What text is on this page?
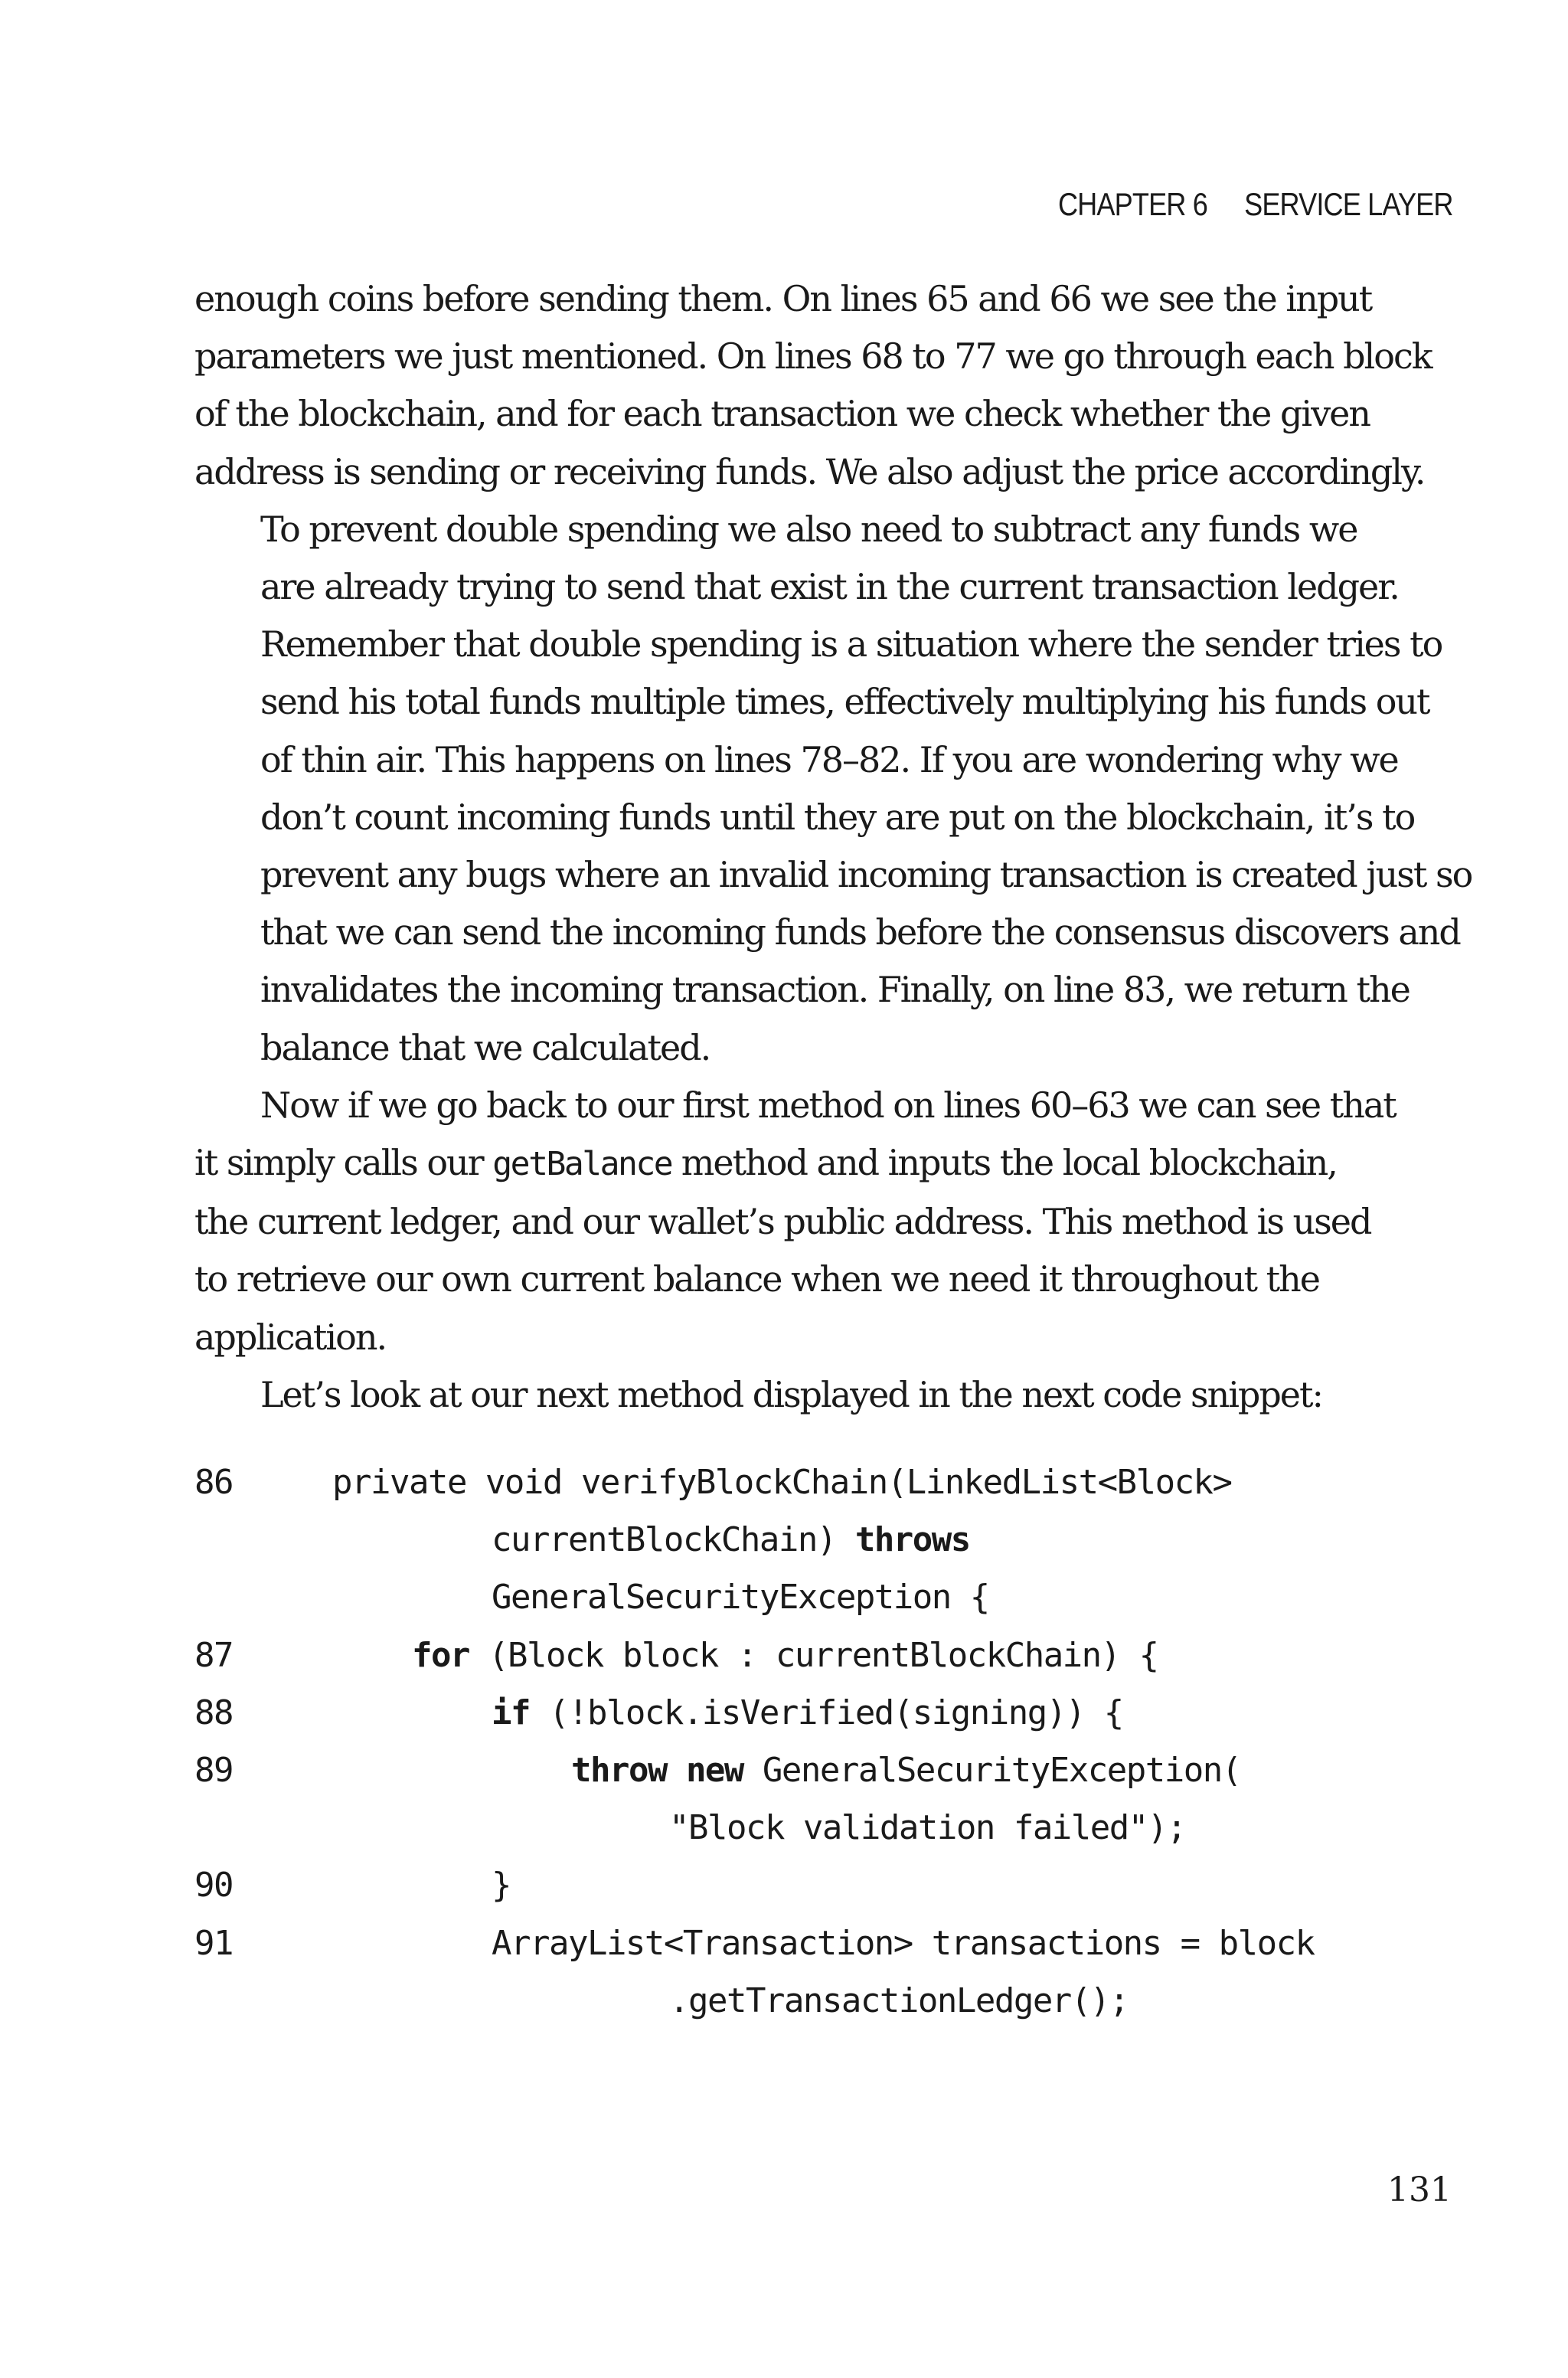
CHAPTER 6 SERVICE LAYER

enough coins before sending them. On lines 65 and 66 we see the input
parameters we just mentioned. On lines 68 to 77 we go through each block
of the blockchain, and for each transaction we check whether the given
address is sending or receiving funds. We also adjust the price accordingly.

To prevent double spending we also need to subtract any funds we
are already trying to send that exist in the current transaction ledger.
Remember that double spending is a situation where the sender tries to
send his total funds multiple times, effectively multiplying his funds out
of thin air. This happens on lines 78–82. If you are wondering why we
don’t count incoming funds until they are put on the blockchain, it’s to
prevent any bugs where an invalid incoming transaction is created just so
that we can send the incoming funds before the consensus discovers and
invalidates the incoming transaction. Finally, on line 83, we return the
balance that we calculated.

Now if we go back to our first method on lines 60–63 we can see that
it simply calls our getBalance method and inputs the local blockchain,
the current ledger, and our wallet’s public address. This method is used
to retrieve our own current balance when we need it throughout the
application.

Let’s look at our next method displayed in the next code snippet:

86	private void verifyBlockChain(LinkedList<Block>
currentBlockChain) throws
GeneralSecurityException {
87	for (Block block : currentBlockChain) {
88	if (!block.isVerified(signing)) {
89	throw new GeneralSecurityException(
"Block validation failed");
90	}
91	ArrayList<Transaction> transactions = block
.getTransactionLedger();
131
